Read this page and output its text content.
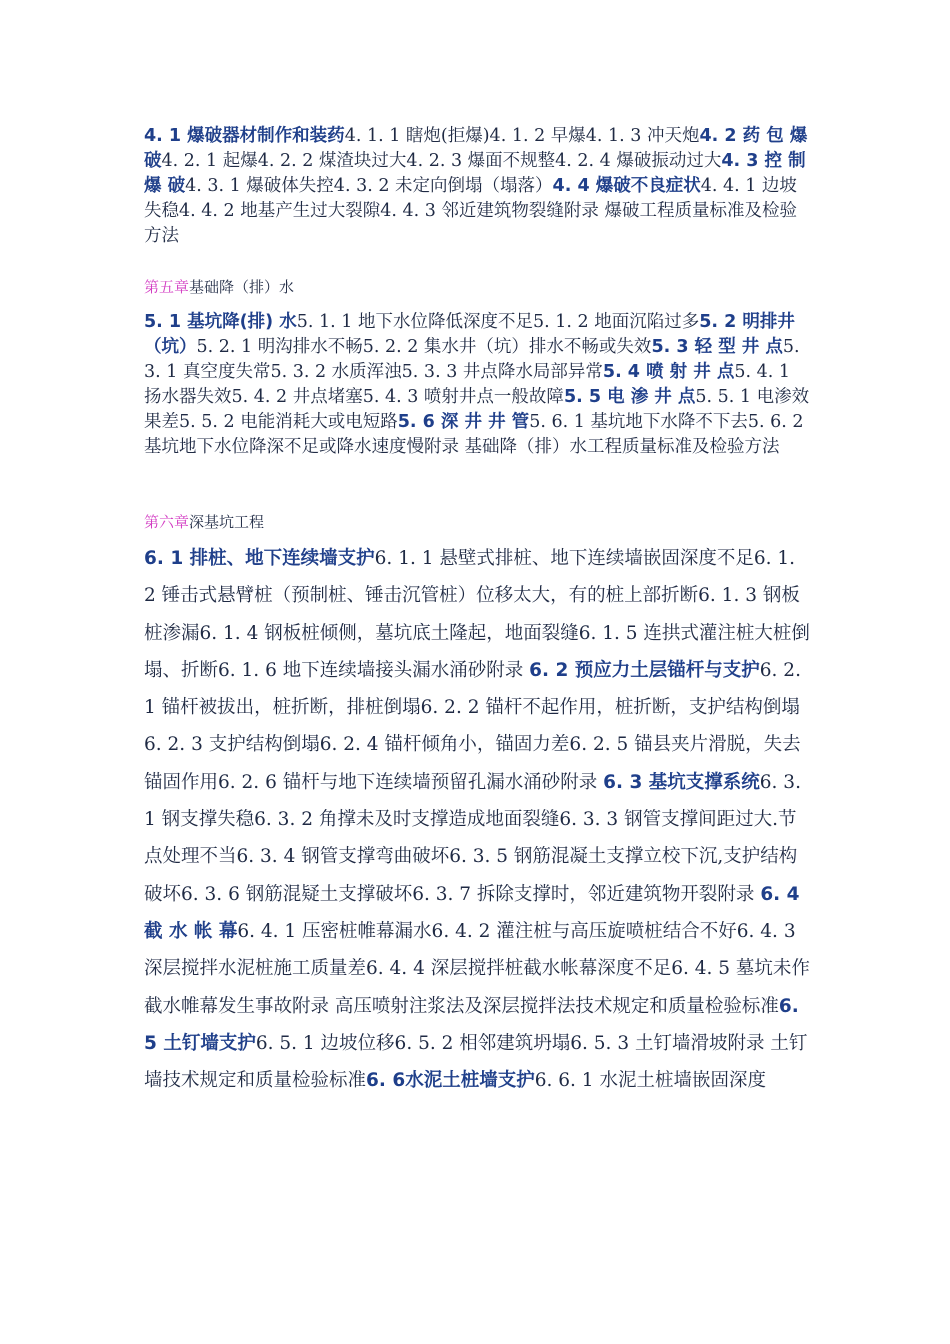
4. 1 爆破器材制作和装药4. 1. 1 瞎炮(拒爆)4. 1. 2 早爆4. 1. 3 冲天炮4. 2 药 包 爆 破4. 2. 1 起爆4. 2. 2 煤渣块过大4. 2. 3 爆面不规整4. 2. 4 爆破振动过大4. 3 控 制 爆 破4. 3. 1 爆破体失控4. 3. 2 未定向倒塌（塌落）4. 4 爆破不良症状4. 4. 1 边坡失稳4. 4. 2 地基产生过大裂隙4. 4. 3 邻近建筑物裂缝附录 爆破工程质量标准及检验方法
第五章基础降（排）水
5. 1 基坑降(排) 水5. 1. 1 地下水位降低深度不足5. 1. 2 地面沉陷过多5. 2 明排井（坑）5. 2. 1 明沟排水不畅5. 2. 2 集水井（坑）排水不畅或失效5. 3 轻 型 井 点5. 3. 1 真空度失常5. 3. 2 水质浑浊5. 3. 3 井点降水局部异常5. 4 喷 射 井 点5. 4. 1 扬水器失效5. 4. 2 井点堵塞5. 4. 3 喷射井点一般故障5. 5 电 渗 井 点5. 5. 1 电渗效果差5. 5. 2 电能消耗大或电短路5. 6 深 井 井 管5. 6. 1 基坑地下水降不下去5. 6. 2 基坑地下水位降深不足或降水速度慢附录 基础降（排）水工程质量标准及检验方法
第六章深基坑工程
6. 1 排桩、地下连续墙支护6. 1. 1 悬壁式排桩、地下连续墙嵌固深度不足6. 1. 2 锤击式悬臂桩（预制桩、锤击沉管桩）位移太大，有的桩上部折断6. 1. 3 钢板桩渗漏6. 1. 4 钢板桩倾侧，墓坑底土隆起，地面裂缝6. 1. 5 连拱式灌注桩大桩倒塌、折断6. 1. 6 地下连续墙接头漏水涌砂附录 6. 2 预应力土层锚杆与支护6. 2. 1 锚杆被拔出，桩折断，排桩倒塌6. 2. 2 锚杆不起作用，桩折断，支护结构倒塌6. 2. 3 支护结构倒塌6. 2. 4 锚杆倾角小，锚固力差6. 2. 5 锚县夹片滑脱，失去锚固作用6. 2. 6 锚杆与地下连续墙预留孔漏水涌砂附录 6. 3 基坑支撑系统6. 3. 1 钢支撑失稳6. 3. 2 角撑未及时支撑造成地面裂缝6. 3. 3 钢管支撑间距过大.节点处理不当6. 3. 4 钢管支撑弯曲破坏6. 3. 5 钢筋混凝土支撑立校下沉,支护结构破坏6. 3. 6 钢筋混疑土支撑破坏6. 3. 7 拆除支撑时，邻近建筑物开裂附录 6. 4 截 水 帐 幕6. 4. 1 压密桩帷幕漏水6. 4. 2 灌注桩与高压旋喷桩结合不好6. 4. 3 深层搅拌水泥桩施工质量差6. 4. 4 深层搅拌桩截水帐幕深度不足6. 4. 5 墓坑未作截水帷幕发生事故附录 高压喷射注浆法及深层搅拌法技术规定和质量检验标准6. 5 土钉墙支护6. 5. 1 边坡位移6. 5. 2 相邻建筑坍塌6. 5. 3 土钉墙滑坡附录 土钉墙技术规定和质量检验标准6. 6水泥土桩墙支护6. 6. 1 水泥土桩墙嵌固深度
